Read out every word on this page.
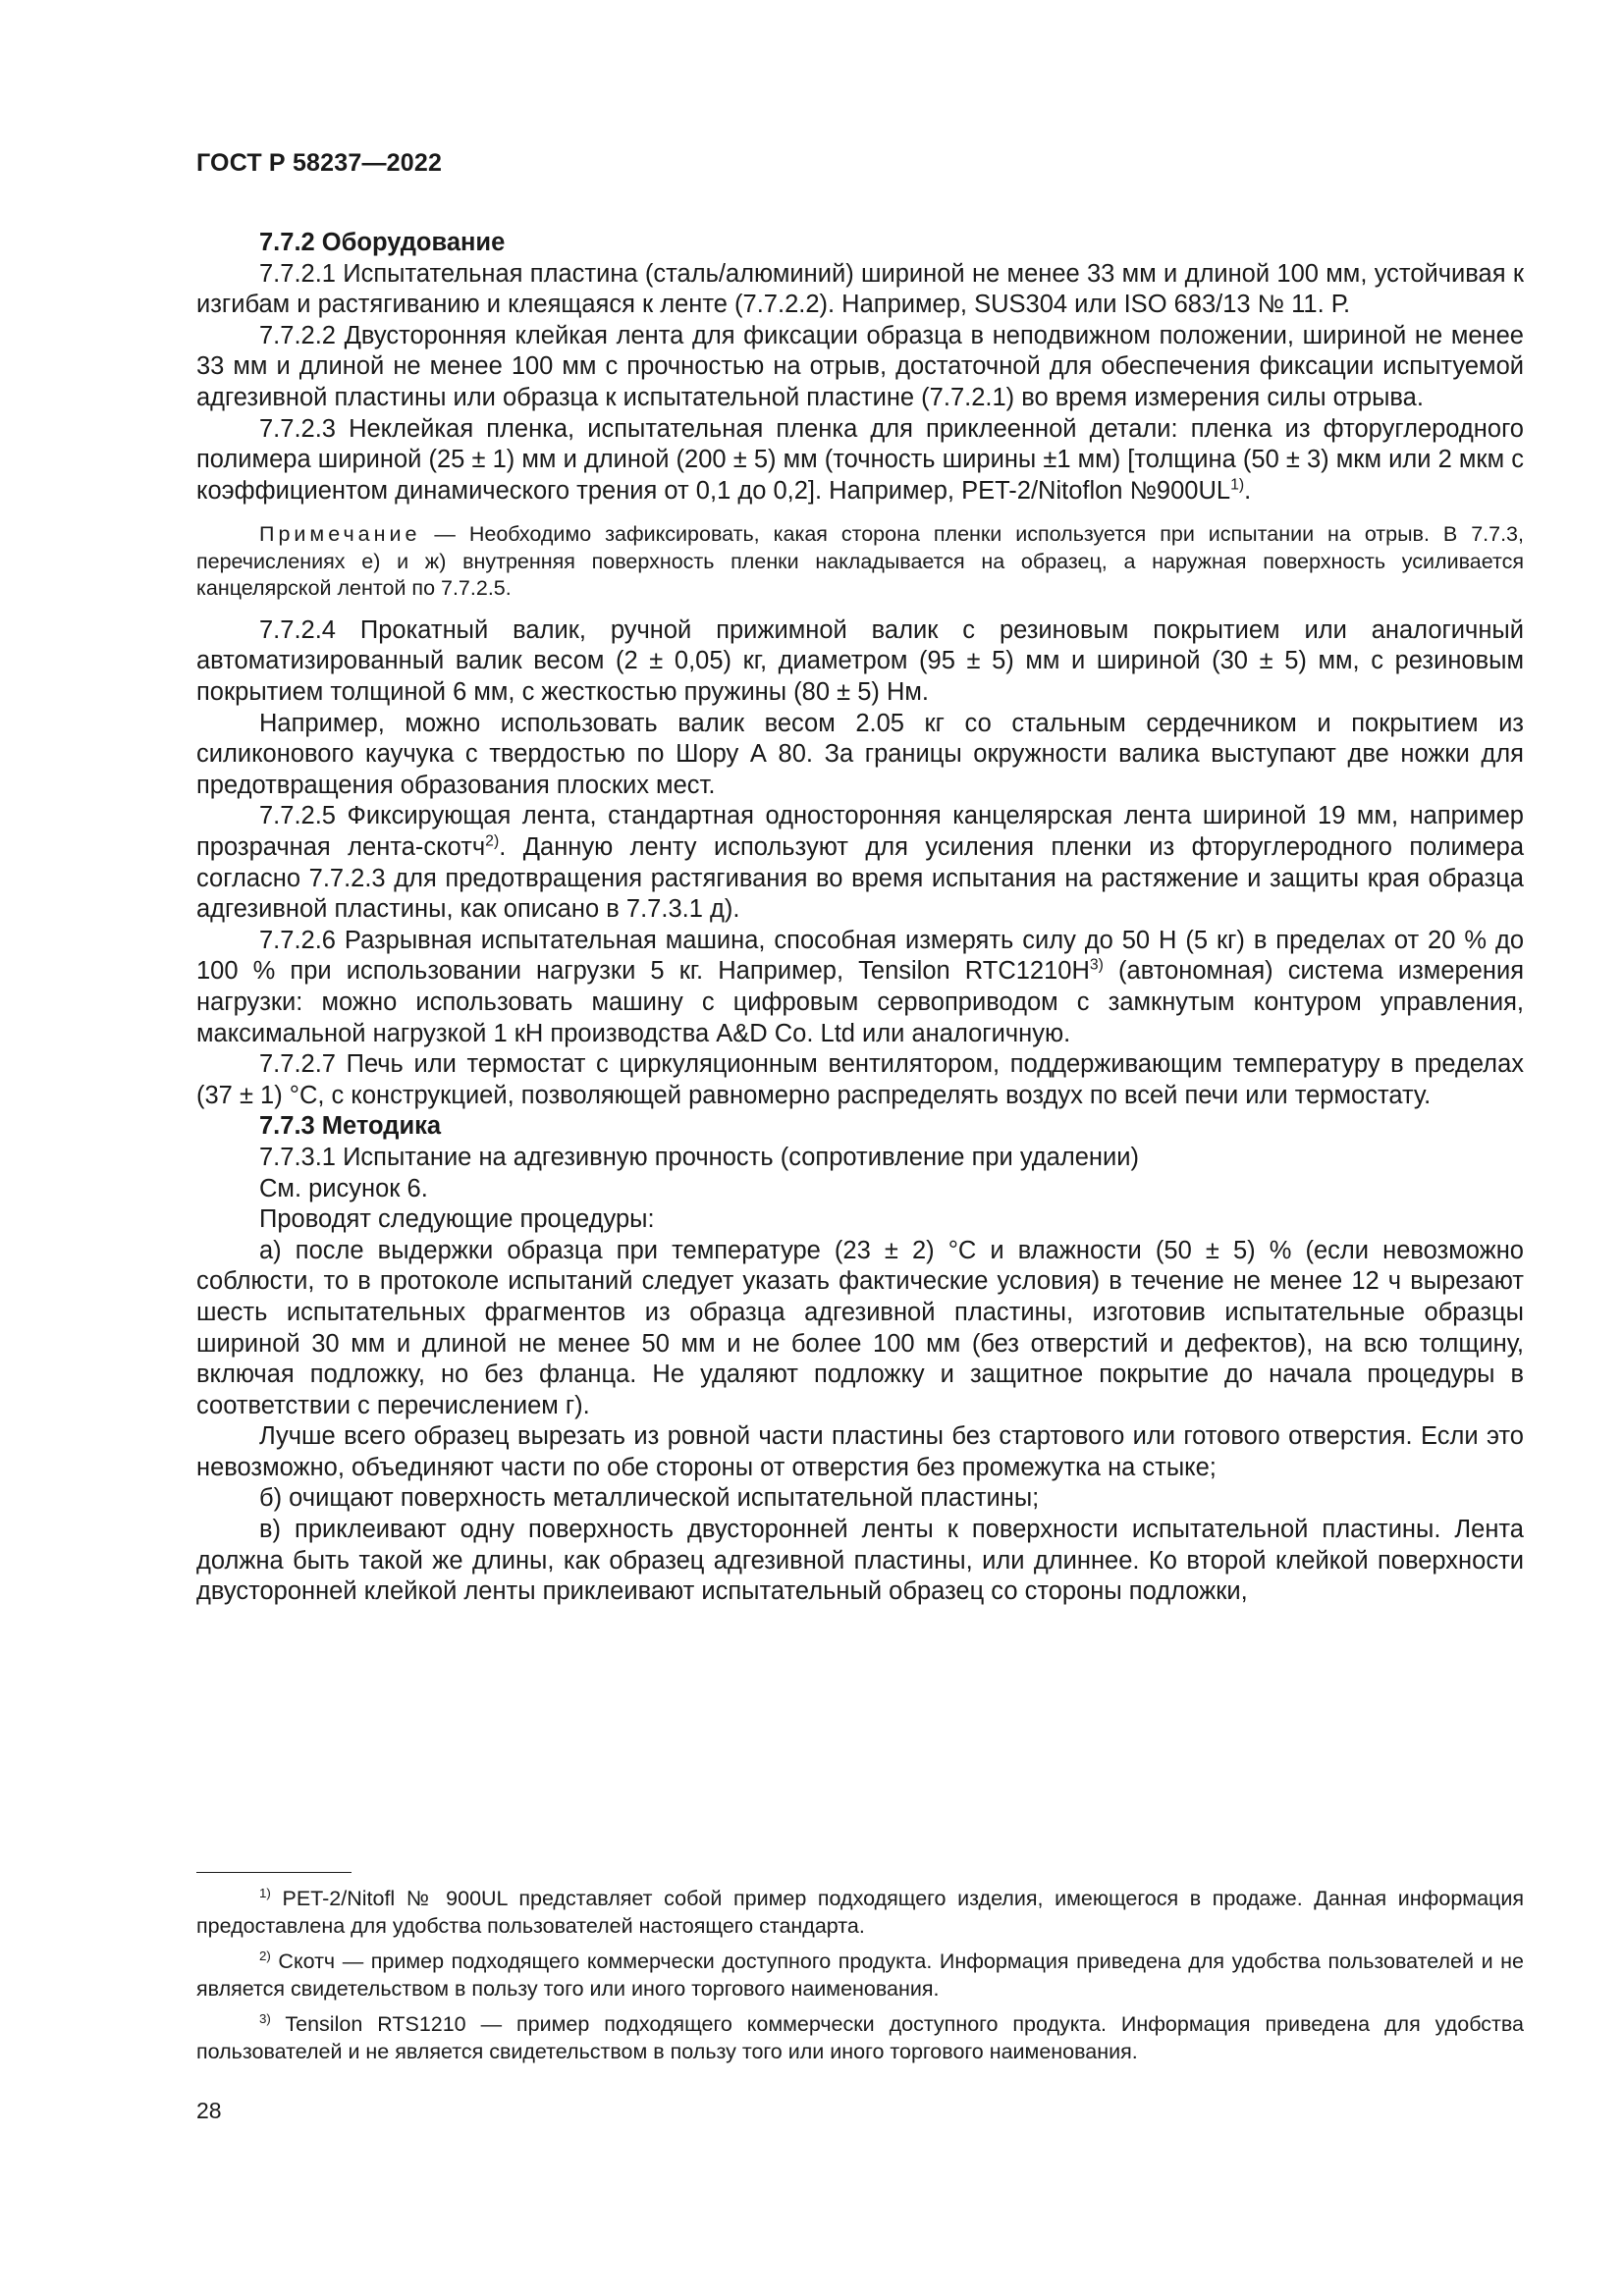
ГОСТ Р 58237—2022

7.7.2 Оборудование

7.7.2.1 Испытательная пластина (сталь/алюминий) шириной не менее 33 мм и длиной 100 мм, устойчивая к изгибам и растягиванию и клеящаяся к ленте (7.7.2.2). Например, SUS304 или ISO 683/13 № 11. Р.

7.7.2.2 Двусторонняя клейкая лента для фиксации образца в неподвижном положении, шириной не менее 33 мм и длиной не менее 100 мм с прочностью на отрыв, достаточной для обеспечения фиксации испытуемой адгезивной пластины или образца к испытательной пластине (7.7.2.1) во время измерения силы отрыва.

7.7.2.3 Неклейкая пленка, испытательная пленка для приклеенной детали: пленка из фторуглеродного полимера шириной (25 ± 1) мм и длиной (200 ± 5) мм (точность ширины ±1 мм) [толщина (50 ± 3) мкм или 2 мкм с коэффициентом динамического трения от 0,1 до 0,2]. Например, PET-2/Nitoflon №900UL$^{1)}$.

Примечание — Необходимо зафиксировать, какая сторона пленки используется при испытании на отрыв. В 7.7.3, перечислениях е) и ж) внутренняя поверхность пленки накладывается на образец, а наружная поверхность усиливается канцелярской лентой по 7.7.2.5.

7.7.2.4 Прокатный валик, ручной прижимной валик с резиновым покрытием или аналогичный автоматизированный валик весом (2 ± 0,05) кг, диаметром (95 ± 5) мм и шириной (30 ± 5) мм, с резиновым покрытием толщиной 6 мм, с жесткостью пружины (80 ± 5) Нм.

Например, можно использовать валик весом 2.05 кг со стальным сердечником и покрытием из силиконового каучука с твердостью по Шору А 80. За границы окружности валика выступают две ножки для предотвращения образования плоских мест.

7.7.2.5 Фиксирующая лента, стандартная односторонняя канцелярская лента шириной 19 мм, например прозрачная лента-скотч$^{2)}$. Данную ленту используют для усиления пленки из фторуглеродного полимера согласно 7.7.2.3 для предотвращения растягивания во время испытания на растяжение и защиты края образца адгезивной пластины, как описано в 7.7.3.1 д).

7.7.2.6 Разрывная испытательная машина, способная измерять силу до 50 Н (5 кг) в пределах от 20 % до 100 % при использовании нагрузки 5 кг. Например, Tensilon $RTC1210H^{3)}$ (автономная) система измерения нагрузки: можно использовать машину с цифровым сервоприводом с замкнутым контуром управления, максимальной нагрузкой 1 кН производства A&D Co. Ltd или аналогичную.

7.7.2.7 Печь или термостат с циркуляционным вентилятором, поддерживающим температуру в пределах (37 ± 1) °С, с конструкцией, позволяющей равномерно распределять воздух по всей печи или термостату.

7.7.3 Методика

7.7.3.1 Испытание на адгезивную прочность (сопротивление при удалении)

См. рисунок 6.

Проводят следующие процедуры:

а) после выдержки образца при температуре (23 ± 2) °С и влажности (50 ± 5) % (если невозможно соблюсти, то в протоколе испытаний следует указать фактические условия) в течение не менее 12 ч вырезают шесть испытательных фрагментов из образца адгезивной пластины, изготовив испытательные образцы шириной 30 мм и длиной не менее 50 мм и не более 100 мм (без отверстий и дефектов), на всю толщину, включая подложку, но без фланца. Не удаляют подложку и защитное покрытие до начала процедуры в соответствии с перечислением г).

Лучше всего образец вырезать из ровной части пластины без стартового или готового отверстия. Если это невозможно, объединяют части по обе стороны от отверстия без промежутка на стыке;

б) очищают поверхность металлической испытательной пластины;

в) приклеивают одну поверхность двусторонней ленты к поверхности испытательной пластины. Лента должна быть такой же длины, как образец адгезивной пластины, или длиннее. Ко второй клейкой поверхности двусторонней клейкой ленты приклеивают испытательный образец со стороны подложки,

$^{1)}$ PET-2/Nitofl № 900UL представляет собой пример подходящего изделия, имеющегося в продаже. Данная информация предоставлена для удобства пользователей настоящего стандарта.

$^{2)}$ Скотч — пример подходящего коммерчески доступного продукта. Информация приведена для удобства пользователей и не является свидетельством в пользу того или иного торгового наименования.

$^{3)}$ Tensilon RTS1210 — пример подходящего коммерчески доступного продукта. Информация приведена для удобства пользователей и не является свидетельством в пользу того или иного торгового наименования.

28
